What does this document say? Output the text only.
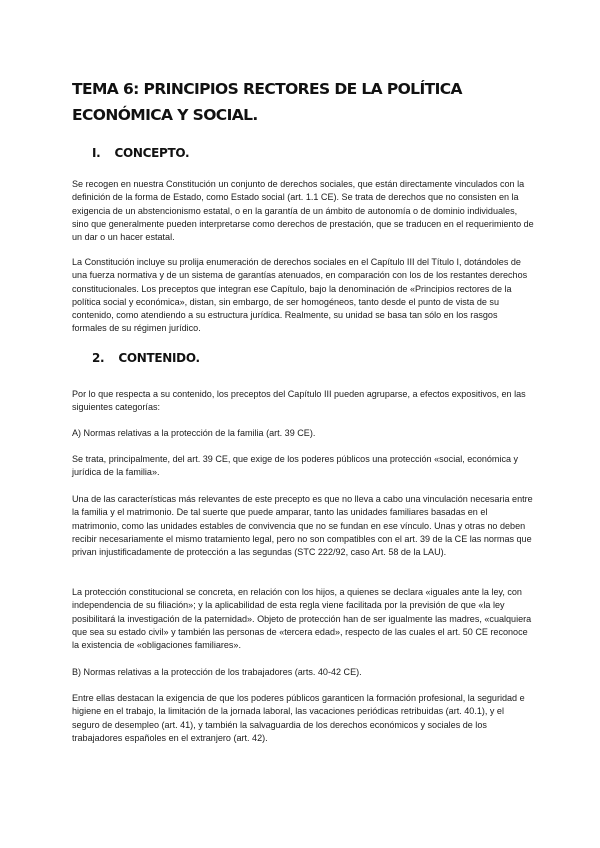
TEMA 6: PRINCIPIOS RECTORES DE LA POLÍTICA ECONÓMICA Y SOCIAL.
I. CONCEPTO.

Se recogen en nuestra Constitución un conjunto de derechos sociales, que están directamente vinculados con la definición de la forma de Estado, como Estado social (art. 1.1 CE). Se trata de derechos que no consisten en la exigencia de un abstencionismo estatal, o en la garantía de un ámbito de autonomía o de dominio individuales, sino que generalmente pueden interpretarse como derechos de prestación, que se traducen en el requerimiento de un dar o un hacer estatal.

La Constitución incluye su prolija enumeración de derechos sociales en el Capítulo III del Título I, dotándoles de una fuerza normativa y de un sistema de garantías atenuados, en comparación con los de los restantes derechos constitucionales. Los preceptos que integran ese Capítulo, bajo la denominación de «Principios rectores de la política social y económica», distan, sin embargo, de ser homogéneos, tanto desde el punto de vista de su contenido, como atendiendo a su estructura jurídica. Realmente, su unidad se basa tan sólo en los rasgos formales de su régimen jurídico.

2. CONTENIDO.

Por lo que respecta a su contenido, los preceptos del Capítulo III pueden agruparse, a efectos expositivos, en las siguientes categorías:

A) Normas relativas a la protección de la familia (art. 39 CE).

Se trata, principalmente, del art. 39 CE, que exige de los poderes públicos una protección «social, económica y jurídica de la familia».

Una de las características más relevantes de este precepto es que no lleva a cabo una vinculación necesaria entre la familia y el matrimonio. De tal suerte que puede amparar, tanto las unidades familiares basadas en el matrimonio, como las unidades estables de convivencia que no se fundan en ese vínculo. Unas y otras no deben recibir necesariamente el mismo tratamiento legal, pero no son compatibles con el art. 39 de la CE las normas que privan injustificadamente de protección a las segundas (STC 222/92, caso Art. 58 de la LAU).

La protección constitucional se concreta, en relación con los hijos, a quienes se declara «iguales ante la ley, con independencia de su filiación»; y la aplicabilidad de esta regla viene facilitada por la previsión de que «la ley posibilitará la investigación de la paternidad». Objeto de protección han de ser igualmente las madres, «cualquiera que sea su estado civil» y también las personas de «tercera edad», respecto de las cuales el art. 50 CE reconoce la existencia de «obligaciones familiares».

B) Normas relativas a la protección de los trabajadores (arts. 40-42 CE).

Entre ellas destacan la exigencia de que los poderes públicos garanticen la formación profesional, la seguridad e higiene en el trabajo, la limitación de la jornada laboral, las vacaciones periódicas retribuidas (art. 40.1), y el seguro de desempleo (art. 41), y también la salvaguardia de los derechos económicos y sociales de los trabajadores españoles en el extranjero (art. 42).
